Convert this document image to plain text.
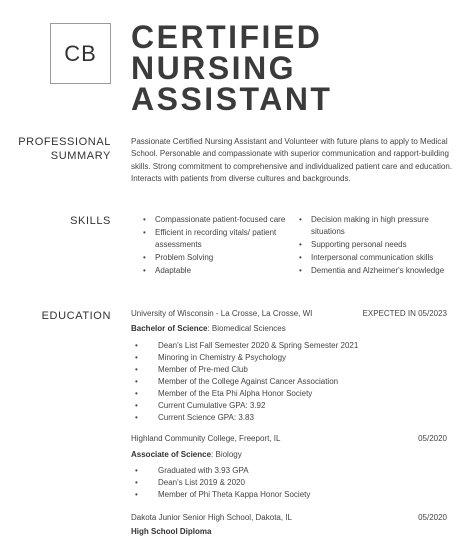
CB CERTIFIED
NURSING
ASSISTANT
PROFESSIONAL
SUMMARY
Passionate Certified Nursing Assistant and Volunteer with future plans to apply to Medical School. Personable and compassionate with superior communication and rapport-building skills. Strong commitment to comprehensive and individualized patient care and education. Interacts with patients from diverse cultures and backgrounds.
SKILLS
•	Compassionate patient-focused care
• Efficient in recording vitals/ patient assessments
• Problem Solving
• Adaptable
• Decision making in high pressure situations
• Supporting personal needs
• Interpersonal communication skills
• Dementia and Alzheimer's knowledge
EDUCATION	University of Wisconsin - La Crosse, La Crosse, WI	EXPECTED IN 05/2023
Bachelor of Science: Biomedical Sciences
• Dean's List Fall Semester 2020 & Spring Semester 2021
• Minoring in Chemistry & Psychology
• Member of Pre-med Club
• Member of the College Against Cancer Association
• Member of the Eta Phi Alpha Honor Society
• Current Cumulative GPA: 3.92
• Current Science GPA: 3.83
Highland Community College, Freeport, IL	05/2020
Associate of Science: Biology
• Graduated with 3.93 GPA
• Dean's List 2019 & 2020
• Member of Phi Theta Kappa Honor Society
Dakota Junior Senior High School, Dakota, IL	05/2020
High School Diploma
